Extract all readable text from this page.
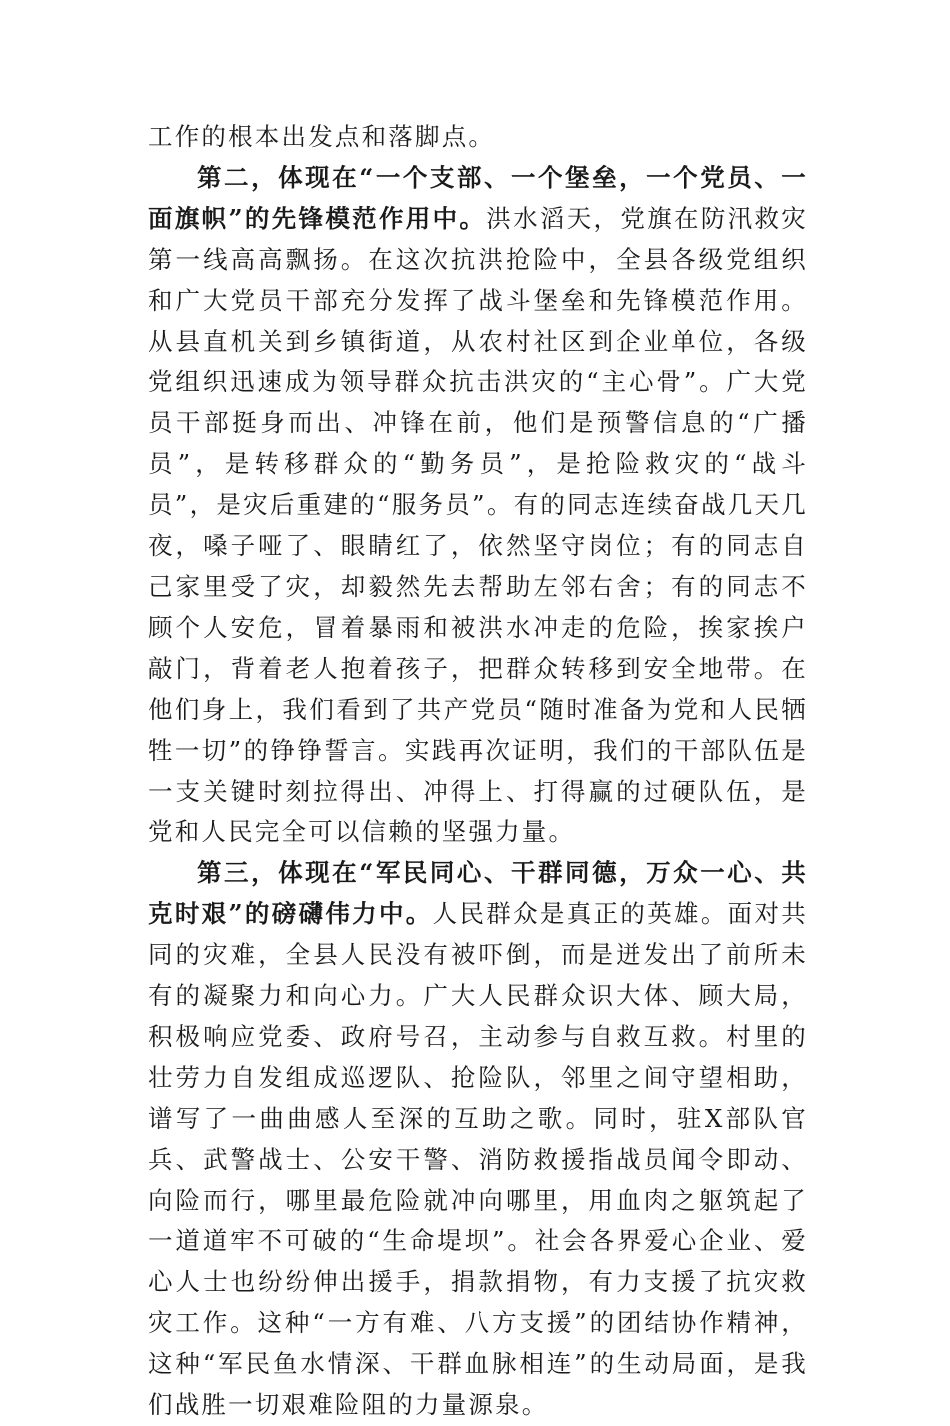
工作的根本出发点和落脚点。

第二，体现在“一个支部、一个堡垒，一个党员、一面旗帜”的先锋模范作用中。洪水滔天，党旗在防汛救灾第一线高高飘扬。在这次抗洪抢险中，全县各级党组织和广大党员干部充分发挥了战斗堡垒和先锋模范作用。从县直机关到乡镇街道，从农村社区到企业单位，各级党组织迅速成为领导群众抗击洪灾的“主心骨”。广大党员干部挺身而出、冲锋在前，他们是预警信息的“广播员”，是转移群众的“勤务员”，是抢险救灾的“战斗员”，是灾后重建的“服务员”。有的同志连续奋战几天几夜，嗓子哑了、眼睛红了，依然坚守岗位；有的同志自己家里受了灾，却毅然先去帮助左邻右舍；有的同志不顾个人安危，冒着暴雨和被洪水冲走的危险，挨家挨户敲门，背着老人抱着孩子，把群众转移到安全地带。在他们身上，我们看到了共产党员“随时准备为党和人民牺牲一切”的铮铮誓言。实践再次证明，我们的干部队伍是一支关键时刻拉得出、冲得上、打得赢的过硬队伍，是党和人民完全可以信赖的坚强力量。

第三，体现在“军民同心、干群同德，万众一心、共克时艰”的磅礴伟力中。人民群众是真正的英雄。面对共同的灾难，全县人民没有被吓倒，而是迸发出了前所未有的凝聚力和向心力。广大人民群众识大体、顾大局，积极响应党委、政府号召，主动参与自救互救。村里的壮劳力自发组成巡逻队、抢险队，邻里之间守望相助，谱写了一曲曲感人至深的互助之歌。同时，驻X部队官兵、武警战士、公安干警、消防救援指战员闻令即动、向险而行，哪里最危险就冲向哪里，用血肉之躯筑起了一道道牢不可破的“生命堤坝”。社会各界爱心企业、爱心人士也纷纷伸出援手，捐款捐物，有力支援了抗灾救灾工作。这种“一方有难、八方支援”的团结协作精神，这种“军民鱼水情深、干群血脉相连”的生动局面，是我们战胜一切艰难险阻的力量源泉。
